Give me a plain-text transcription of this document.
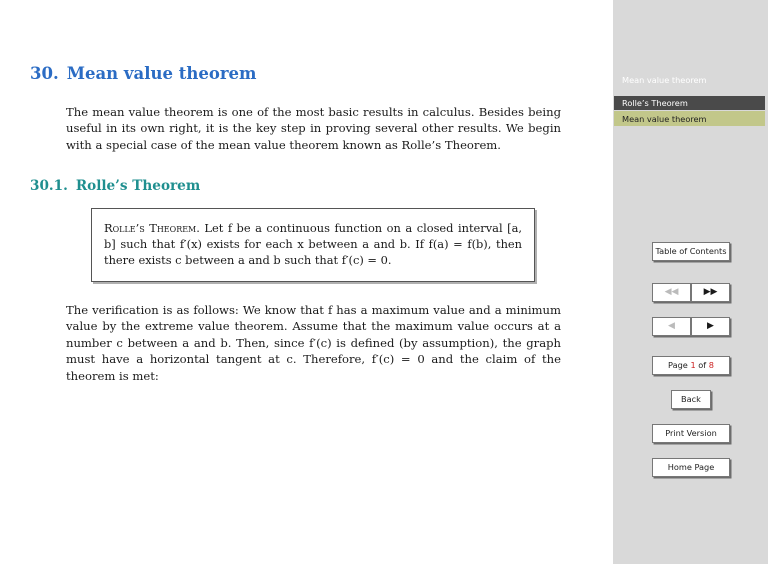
30. Mean value theorem
The mean value theorem is one of the most basic results in calculus. Besides being useful in its own right, it is the key step in proving several other results. We begin with a special case of the mean value theorem known as Rolle’s Theorem.
30.1. Rolle’s Theorem
Rolle’s Theorem. Let f be a continuous function on a closed interval [a, b] such that f′(x) exists for each x between a and b. If f(a) = f(b), then there exists c between a and b such that f′(c) = 0.
The verification is as follows: We know that f has a maximum value and a minimum value by the extreme value theorem. Assume that the maximum value occurs at a number c between a and b. Then, since f′(c) is defined (by assumption), the graph must have a horizontal tangent at c. Therefore, f′(c) = 0 and the claim of the theorem is met:
Mean value theorem
Rolle’s Theorem
Mean value theorem
Table of Contents
◀◀	▶▶
◀	▶
Page 1 of 8
Back
Print Version
Home Page
